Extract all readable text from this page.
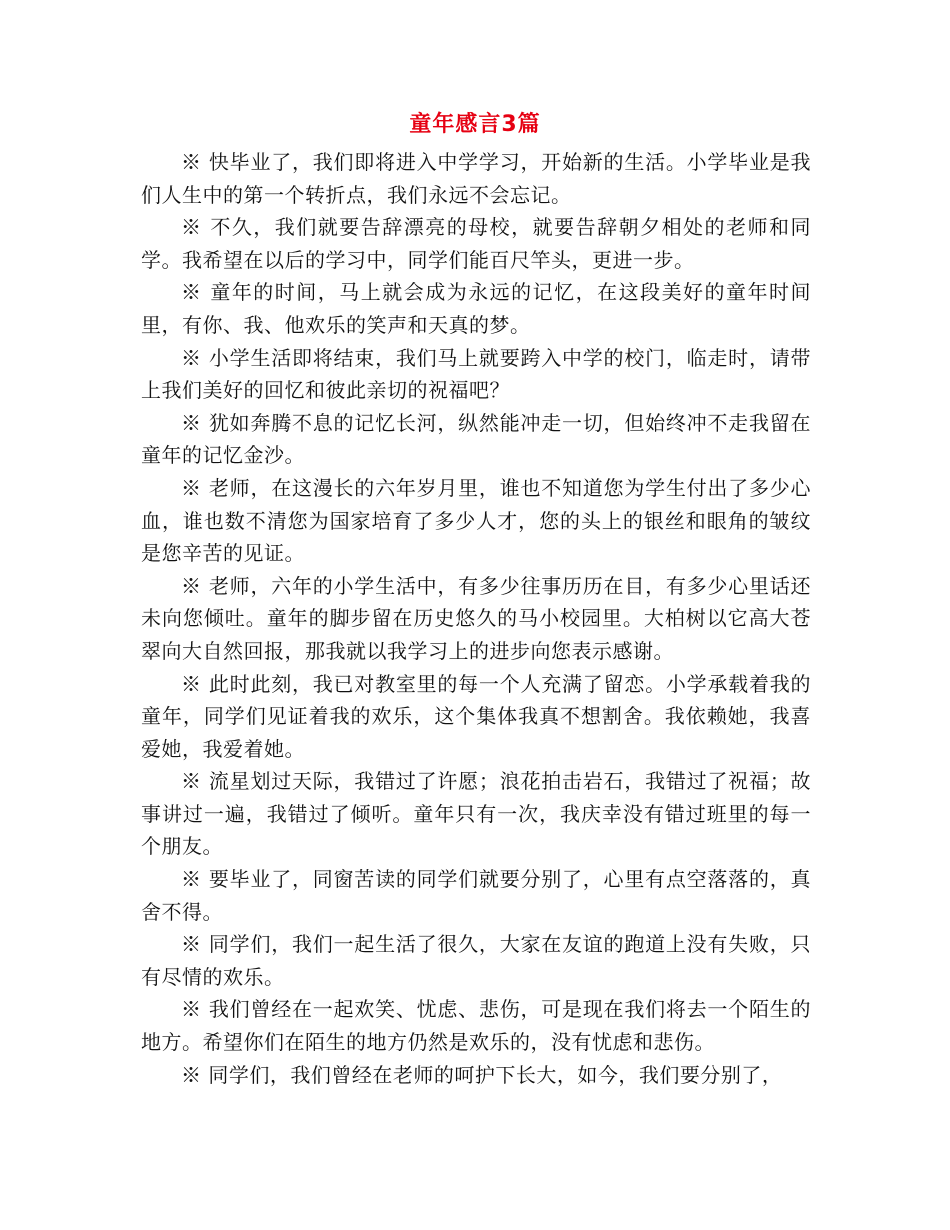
童年感言3篇

※ 快毕业了，我们即将进入中学学习，开始新的生活。小学毕业是我们人生中的第一个转折点，我们永远不会忘记。

※ 不久，我们就要告辞漂亮的母校，就要告辞朝夕相处的老师和同学。我希望在以后的学习中，同学们能百尺竿头，更进一步。

※ 童年的时间，马上就会成为永远的记忆，在这段美好的童年时间里，有你、我、他欢乐的笑声和天真的梦。

※ 小学生活即将结束，我们马上就要跨入中学的校门，临走时，请带上我们美好的回忆和彼此亲切的祝福吧？

※ 犹如奔腾不息的记忆长河，纵然能冲走一切，但始终冲不走我留在童年的记忆金沙。

※ 老师，在这漫长的六年岁月里，谁也不知道您为学生付出了多少心血，谁也数不清您为国家培育了多少人才，您的头上的银丝和眼角的皱纹是您辛苦的见证。

※ 老师，六年的小学生活中，有多少往事历历在目，有多少心里话还未向您倾吐。童年的脚步留在历史悠久的马小校园里。大柏树以它高大苍翠向大自然回报，那我就以我学习上的进步向您表示感谢。

※ 此时此刻，我已对教室里的每一个人充满了留恋。小学承载着我的童年，同学们见证着我的欢乐，这个集体我真不想割舍。我依赖她，我喜爱她，我爱着她。

※ 流星划过天际，我错过了许愿；浪花拍击岩石，我错过了祝福；故事讲过一遍，我错过了倾听。童年只有一次，我庆幸没有错过班里的每一个朋友。

※ 要毕业了，同窗苦读的同学们就要分别了，心里有点空落落的，真舍不得。

※ 同学们，我们一起生活了很久，大家在友谊的跑道上没有失败，只有尽情的欢乐。

※ 我们曾经在一起欢笑、忧虑、悲伤，可是现在我们将去一个陌生的地方。希望你们在陌生的地方仍然是欢乐的，没有忧虑和悲伤。

※ 同学们，我们曾经在老师的呵护下长大，如今，我们要分别了，
